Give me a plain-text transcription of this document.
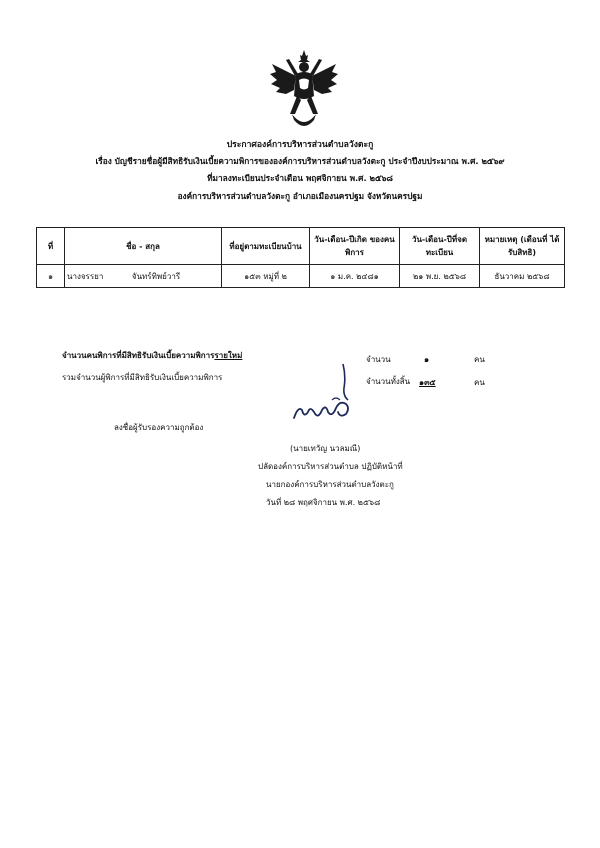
ประกาศองค์การบริหารส่วนตำบลวังตะกู
เรื่อง บัญชีรายชื่อผู้มีสิทธิรับเงินเบี้ยความพิการขององค์การบริหารส่วนตำบลวังตะกู ประจำปีงบประมาณ พ.ศ. ๒๕๖๙
ที่มาลงทะเบียนประจำเดือน พฤศจิกายน พ.ศ. ๒๕๖๘
องค์การบริหารส่วนตำบลวังตะกู อำเภอเมืองนครปฐม จังหวัดนครปฐม
ที่	ชื่อ - สกุล	ที่อยู่ตามทะเบียนบ้าน	วัน-เดือน-ปีเกิด ของคนพิการ	วัน-เดือน-ปีที่จด ทะเบียน	หมายเหตุ (เดือนที่ ได้รับสิทธิ)
๑	นางจรรยา จันทร์ทิพย์วารี	๑๕๓ หมู่ที่ ๒	๑ ม.ค. ๒๔๘๑	๒๑ พ.ย. ๒๕๖๘	ธันวาคม ๒๕๖๘
จำนวนคนพิการที่มีสิทธิรับเงินเบี้ยความพิการรายใหม่	จำนวน	๑	คน
รวมจำนวนผู้พิการที่มีสิทธิรับเงินเบี้ยความพิการ	จำนวนทั้งสิ้น ๑๓๕	คน
ลงชื่อผู้รับรองความถูกต้อง
(นายเทวัญ นวลมณี)
ปลัดองค์การบริหารส่วนตำบล ปฏิบัติหน้าที่
นายกองค์การบริหารส่วนตำบลวังตะกู
วันที่ ๒๘ พฤศจิกายน พ.ศ. ๒๕๖๘
